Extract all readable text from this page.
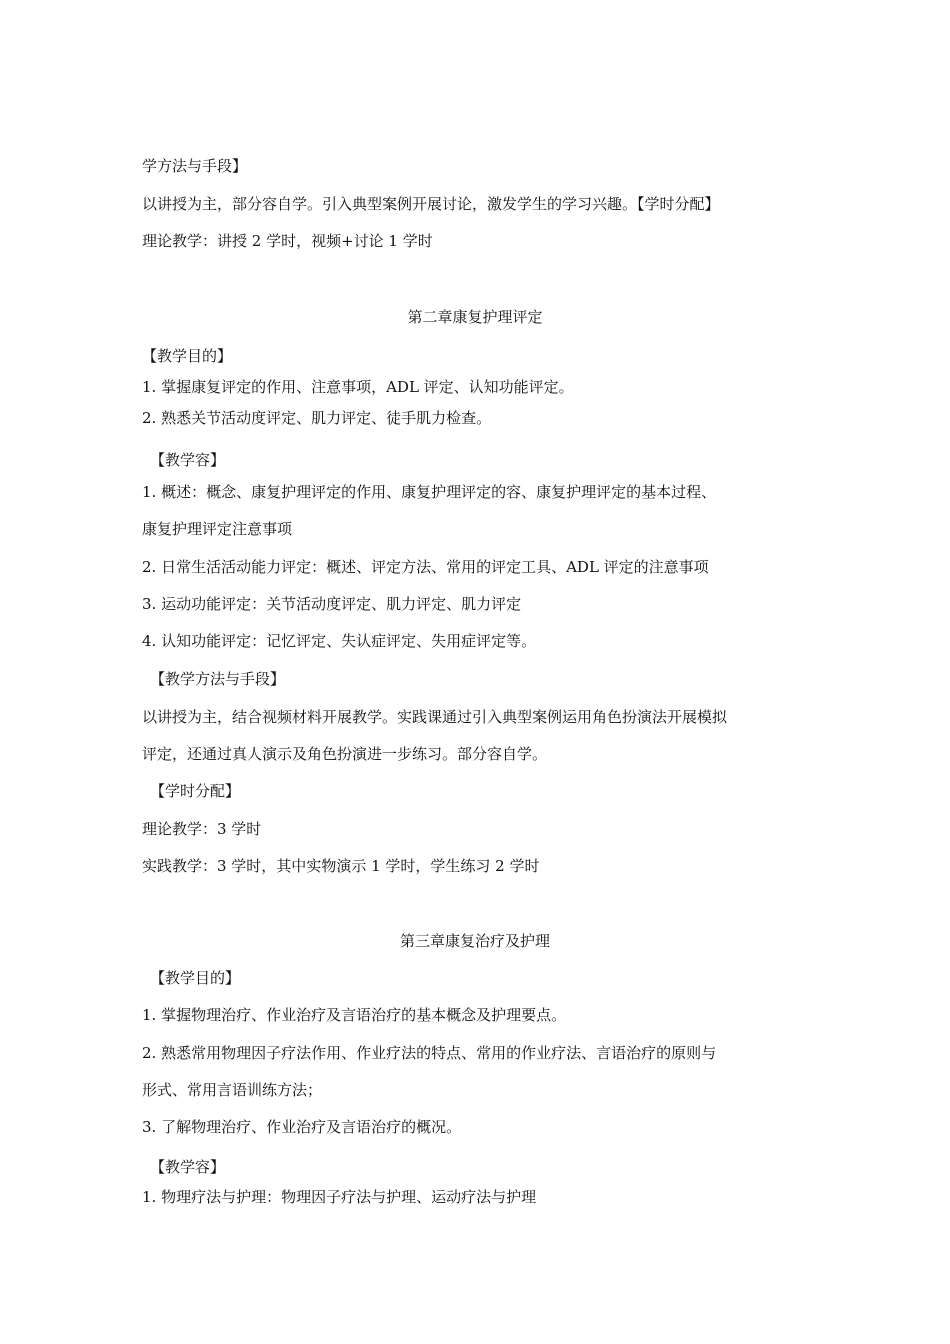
学方法与手段】
以讲授为主，部分容自学。引入典型案例开展讨论，激发学生的学习兴趣。【学时分配】
理论教学：讲授 2 学时，视频+讨论 1 学时
第二章康复护理评定
【教学目的】
1. 掌握康复评定的作用、注意事项，ADL 评定、认知功能评定。
2. 熟悉关节活动度评定、肌力评定、徒手肌力检查。
【教学容】
1. 概述：概念、康复护理评定的作用、康复护理评定的容、康复护理评定的基本过程、
康复护理评定注意事项
2. 日常生活活动能力评定：概述、评定方法、常用的评定工具、ADL 评定的注意事项
3. 运动功能评定：关节活动度评定、肌力评定、肌力评定
4. 认知功能评定：记忆评定、失认症评定、失用症评定等。
【教学方法与手段】
以讲授为主，结合视频材料开展教学。实践课通过引入典型案例运用角色扮演法开展模拟
评定，还通过真人演示及角色扮演进一步练习。部分容自学。
【学时分配】
理论教学：3 学时
实践教学：3 学时，其中实物演示 1 学时，学生练习 2 学时
第三章康复治疗及护理
【教学目的】
1. 掌握物理治疗、作业治疗及言语治疗的基本概念及护理要点。
2. 熟悉常用物理因子疗法作用、作业疗法的特点、常用的作业疗法、言语治疗的原则与
形式、常用言语训练方法；
3. 了解物理治疗、作业治疗及言语治疗的概况。
【教学容】
1. 物理疗法与护理：物理因子疗法与护理、运动疗法与护理
